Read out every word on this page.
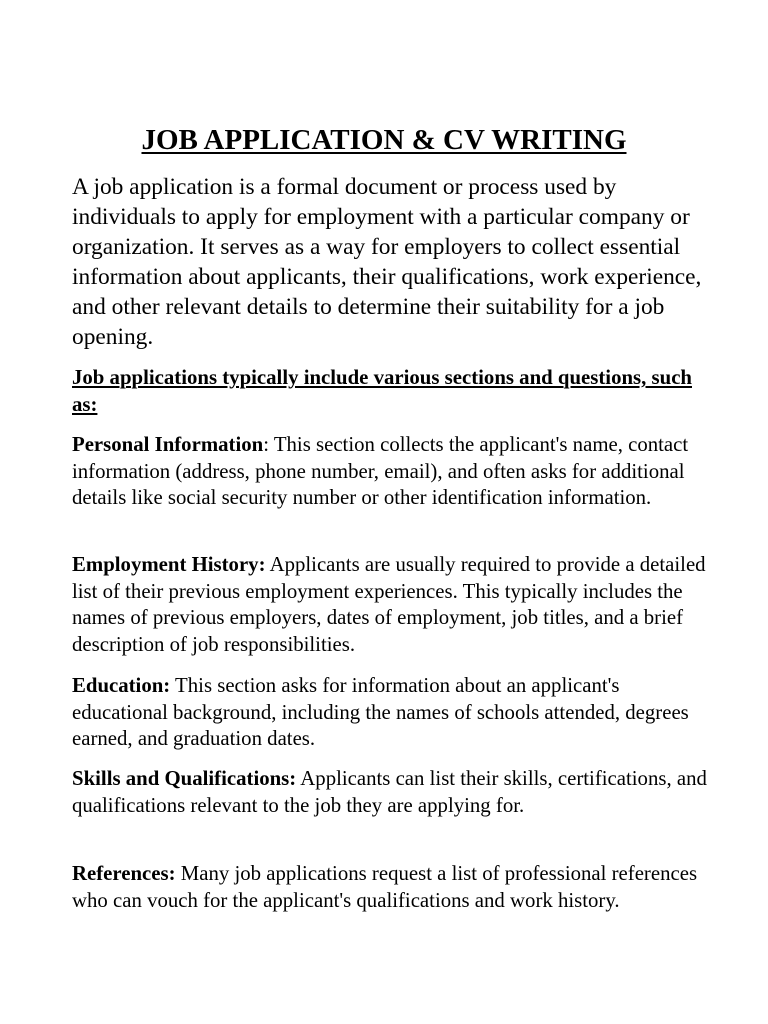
JOB APPLICATION & CV WRITING

A job application is a formal document or process used by individuals to apply for employment with a particular company or organization. It serves as a way for employers to collect essential information about applicants, their qualifications, work experience, and other relevant details to determine their suitability for a job opening.

Job applications typically include various sections and questions, such as:

Personal Information: This section collects the applicant's name, contact information (address, phone number, email), and often asks for additional details like social security number or other identification information.

Employment History: Applicants are usually required to provide a detailed list of their previous employment experiences. This typically includes the names of previous employers, dates of employment, job titles, and a brief description of job responsibilities.

Education: This section asks for information about an applicant's educational background, including the names of schools attended, degrees earned, and graduation dates.

Skills and Qualifications: Applicants can list their skills, certifications, and qualifications relevant to the job they are applying for.

References: Many job applications request a list of professional references who can vouch for the applicant's qualifications and work history.
